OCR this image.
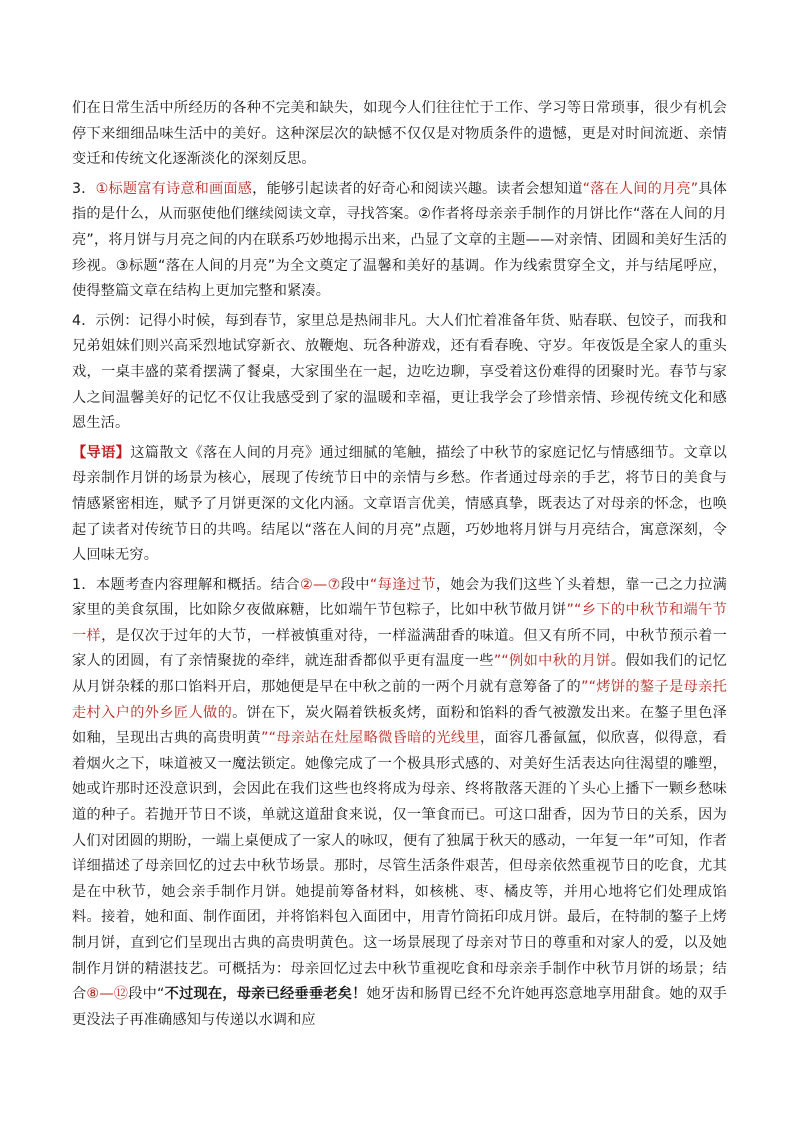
们在日常生活中所经历的各种不完美和缺失，如现今人们往往忙于工作、学习等日常琐事，很少有机会停下来细细品味生活中的美好。这种深层次的缺憾不仅仅是对物质条件的遗憾，更是对时间流逝、亲情变迁和传统文化逐渐淡化的深刻反思。

3．①标题富有诗意和画面感，能够引起读者的好奇心和阅读兴趣。读者会想知道“落在人间的月亮”具体指的是什么，从而驱使他们继续阅读文章，寻找答案。②作者将母亲亲手制作的月饼比作“落在人间的月亮”，将月饼与月亮之间的内在联系巧妙地揭示出来，凸显了文章的主题——对亲情、团圆和美好生活的珍视。③标题“落在人间的月亮”为全文奠定了温馨和美好的基调。作为线索贯穿全文，并与结尾呼应，使得整篇文章在结构上更加完整和紧凑。

4．示例：记得小时候，每到春节，家里总是热闹非凡。大人们忙着准备年货、贴春联、包饺子，而我和兄弟姐妹们则兴高采烈地试穿新衣、放鞭炮、玩各种游戏，还有看春晚、守岁。年夜饭是全家人的重头戏，一桌丰盛的菜肴摆满了餐桌，大家围坐在一起，边吃边聊，享受着这份难得的团聚时光。春节与家人之间温馨美好的记忆不仅让我感受到了家的温暖和幸福，更让我学会了珍惜亲情、珍视传统文化和感恩生活。

【导语】这篇散文《落在人间的月亮》通过细腻的笔触，描绘了中秋节的家庭记忆与情感细节。文章以母亲制作月饼的场景为核心，展现了传统节日中的亲情与乡愁。作者通过母亲的手艺，将节日的美食与情感紧密相连，赋予了月饼更深的文化内涵。文章语言优美，情感真挚，既表达了对母亲的怀念，也唤起了读者对传统节日的共鸣。结尾以“落在人间的月亮”点题，巧妙地将月饼与月亮结合，寓意深刻，令人回味无穷。

1．本题考查内容理解和概括。结合②—⑦段中“每逢过节，她会为我们这些丫头着想，靠一己之力拉满家里的美食氛围，比如除夕夜做麻糖，比如端午节包粽子，比如中秋节做月饼”“乡下的中秋节和端午节一样，是仅次于过年的大节，一样被慎重对待，一样溢满甜香的味道。但又有所不同，中秋节预示着一家人的团圆，有了亲情聚拢的牵绊，就连甜香都似乎更有温度一些”“例如中秋的月饼。假如我们的记忆从月饼杂糅的那口馅料开启，那她便是早在中秋之前的一两个月就有意筹备了的”“烤饼的鏊子是母亲托走村入户的外乡匠人做的。饼在下，炭火隔着铁板炙烤，面粉和馅料的香气被激发出来。在鏊子里色泽如釉，呈现出古典的高贵明黄”“母亲站在灶屋略微昏暗的光线里，面容几番氤氲，似欣喜，似得意，看着烟火之下，味道被又一魔法锁定。她像完成了一个极具形式感的、对美好生活表达向往渴望的雕塑，她或许那时还没意识到，会因此在我们这些也终将成为母亲、终将散落天涯的丫头心上播下一颗乡愁味道的种子。若抛开节日不谈，单就这道甜食来说，仅一筆食而已。可这口甜香，因为节日的关系，因为人们对团圆的期盼，一端上桌便成了一家人的咏叹，便有了独属于秋天的感动，一年复一年”可知，作者详细描述了母亲回忆的过去中秋节场景。那时，尽管生活条件艰苦，但母亲依然重视节日的吃食，尤其是在中秋节，她会亲手制作月饼。她提前筹备材料，如核桃、枣、橘皮等，并用心地将它们处理成馅料。接着，她和面、制作面团，并将馅料包入面团中，用青竹筒拓印成月饼。最后，在特制的鏊子上烤制月饼，直到它们呈现出古典的高贵明黄色。这一场景展现了母亲对节日的尊重和对家人的爱，以及她制作月饼的精湛技艺。可概括为：母亲回忆过去中秋节重视吃食和母亲亲手制作中秋节月饼的场景；结合⑧—⑫段中“不过现在，母亲已经垂垂老矣！她牙齿和肠胃已经不允许她再恣意地享用甜食。她的双手更没法子再准确感知与传递以水调和应
